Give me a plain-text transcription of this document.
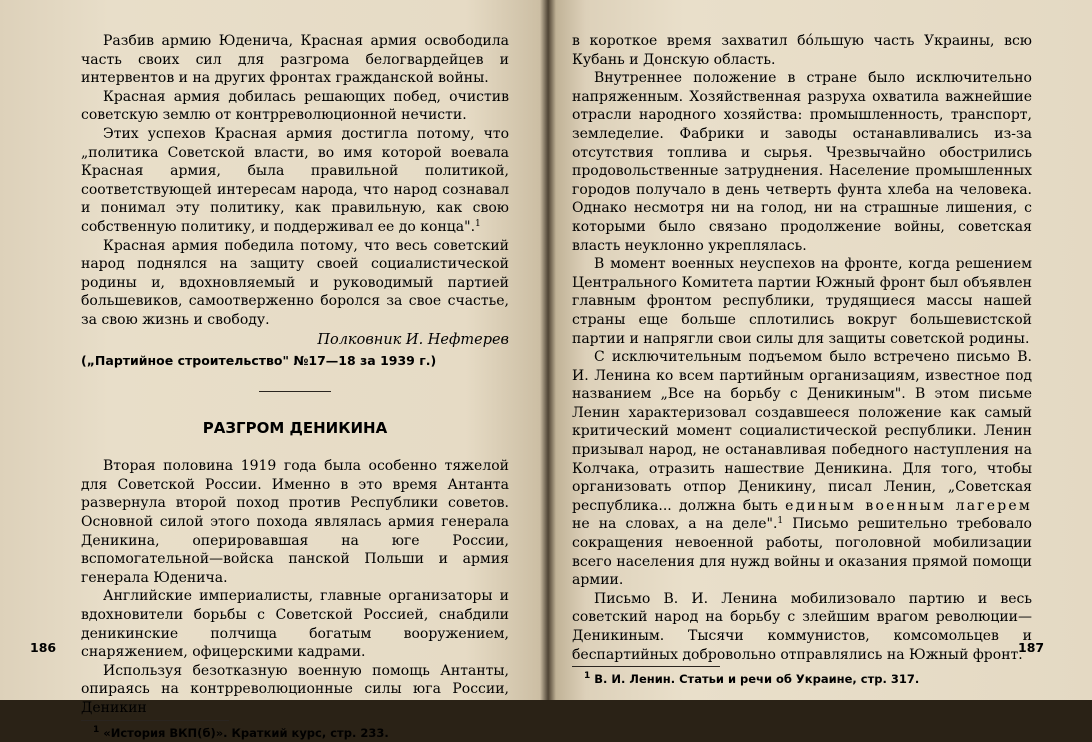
Разбив армию Юденича, Красная армия освободила часть своих сил для разгрома белогвардейцев и интервентов и на других фронтах гражданской войны.

Красная армия добилась решающих побед, очистив советскую землю от контрреволюционной нечисти.

Этих успехов Красная армия достигла потому, что „политика Советской власти, во имя которой воевала Красная армия, была правильной политикой, соответствующей интересам народа, что народ сознавал и понимал эту политику, как правильную, как свою собственную политику, и поддерживал ее до конца".$^1$

Красная армия победила потому, что весь советский народ поднялся на защиту своей социалистической родины и, вдохновляемый и руководимый партией большевиков, самоотверженно боролся за свое счастье, за свою жизнь и свободу.

Полковник И. Нефтерев

(„Партийное строительство" №17—18 за 1939 г.)

РАЗГРОМ ДЕНИКИНА

Вторая половина 1919 года была особенно тяжелой для Советской России. Именно в это время Антанта развернула второй поход против Республики советов. Основной силой этого похода являлась армия генерала Деникина, оперировавшая на юге России, вспомогательной—войска панской Польши и армия генерала Юденича.

Английские империалисты, главные организаторы и вдохновители борьбы с Советской Россией, снабдили деникинские полчища богатым вооружением, снаряжением, офицерскими кадрами.

Используя безотказную военную помощь Антанты, опираясь на контрреволюционные силы юга России, Деникин

$^1$ «История ВКП(б)». Краткий курс, стр. 233.

186

в короткое время захватил бóльшую часть Украины, всю Кубань и Донскую область.

Внутреннее положение в стране было исключительно напряженным. Хозяйственная разруха охватила важнейшие отрасли народного хозяйства: промышленность, транспорт, земледелие. Фабрики и заводы останавливались из-за отсутствия топлива и сырья. Чрезвычайно обострились продовольственные затруднения. Население промышленных городов получало в день четверть фунта хлеба на человека. Однако несмотря ни на голод, ни на страшные лишения, с которыми было связано продолжение войны, советская власть неуклонно укреплялась.

В момент военных неуспехов на фронте, когда решением Центрального Комитета партии Южный фронт был объявлен главным фронтом республики, трудящиеся массы нашей страны еще больше сплотились вокруг большевистской партии и напрягли свои силы для защиты советской родины.

С исключительным подъемом было встречено письмо В. И. Ленина ко всем партийным организациям, известное под названием „Все на борьбу с Деникиным". В этом письме Ленин характеризовал создавшееся положение как самый критический момент социалистической республики. Ленин призывал народ, не останавливая победного наступления на Колчака, отразить нашествие Деникина. Для того, чтобы организовать отпор Деникину, писал Ленин, „Советская республика... должна быть единым военным лагерем не на словах, а на деле".$^1$ Письмо решительно требовало сокращения невоенной работы, поголовной мобилизации всего населения для нужд войны и оказания прямой помощи армии.

Письмо В. И. Ленина мобилизовало партию и весь советский народ на борьбу с злейшим врагом революции—Деникиным. Тысячи коммунистов, комсомольцев и беспартийных добровольно отправлялись на Южный фронт.

$^1$ В. И. Ленин. Статьи и речи об Украине, стр. 317.

187
